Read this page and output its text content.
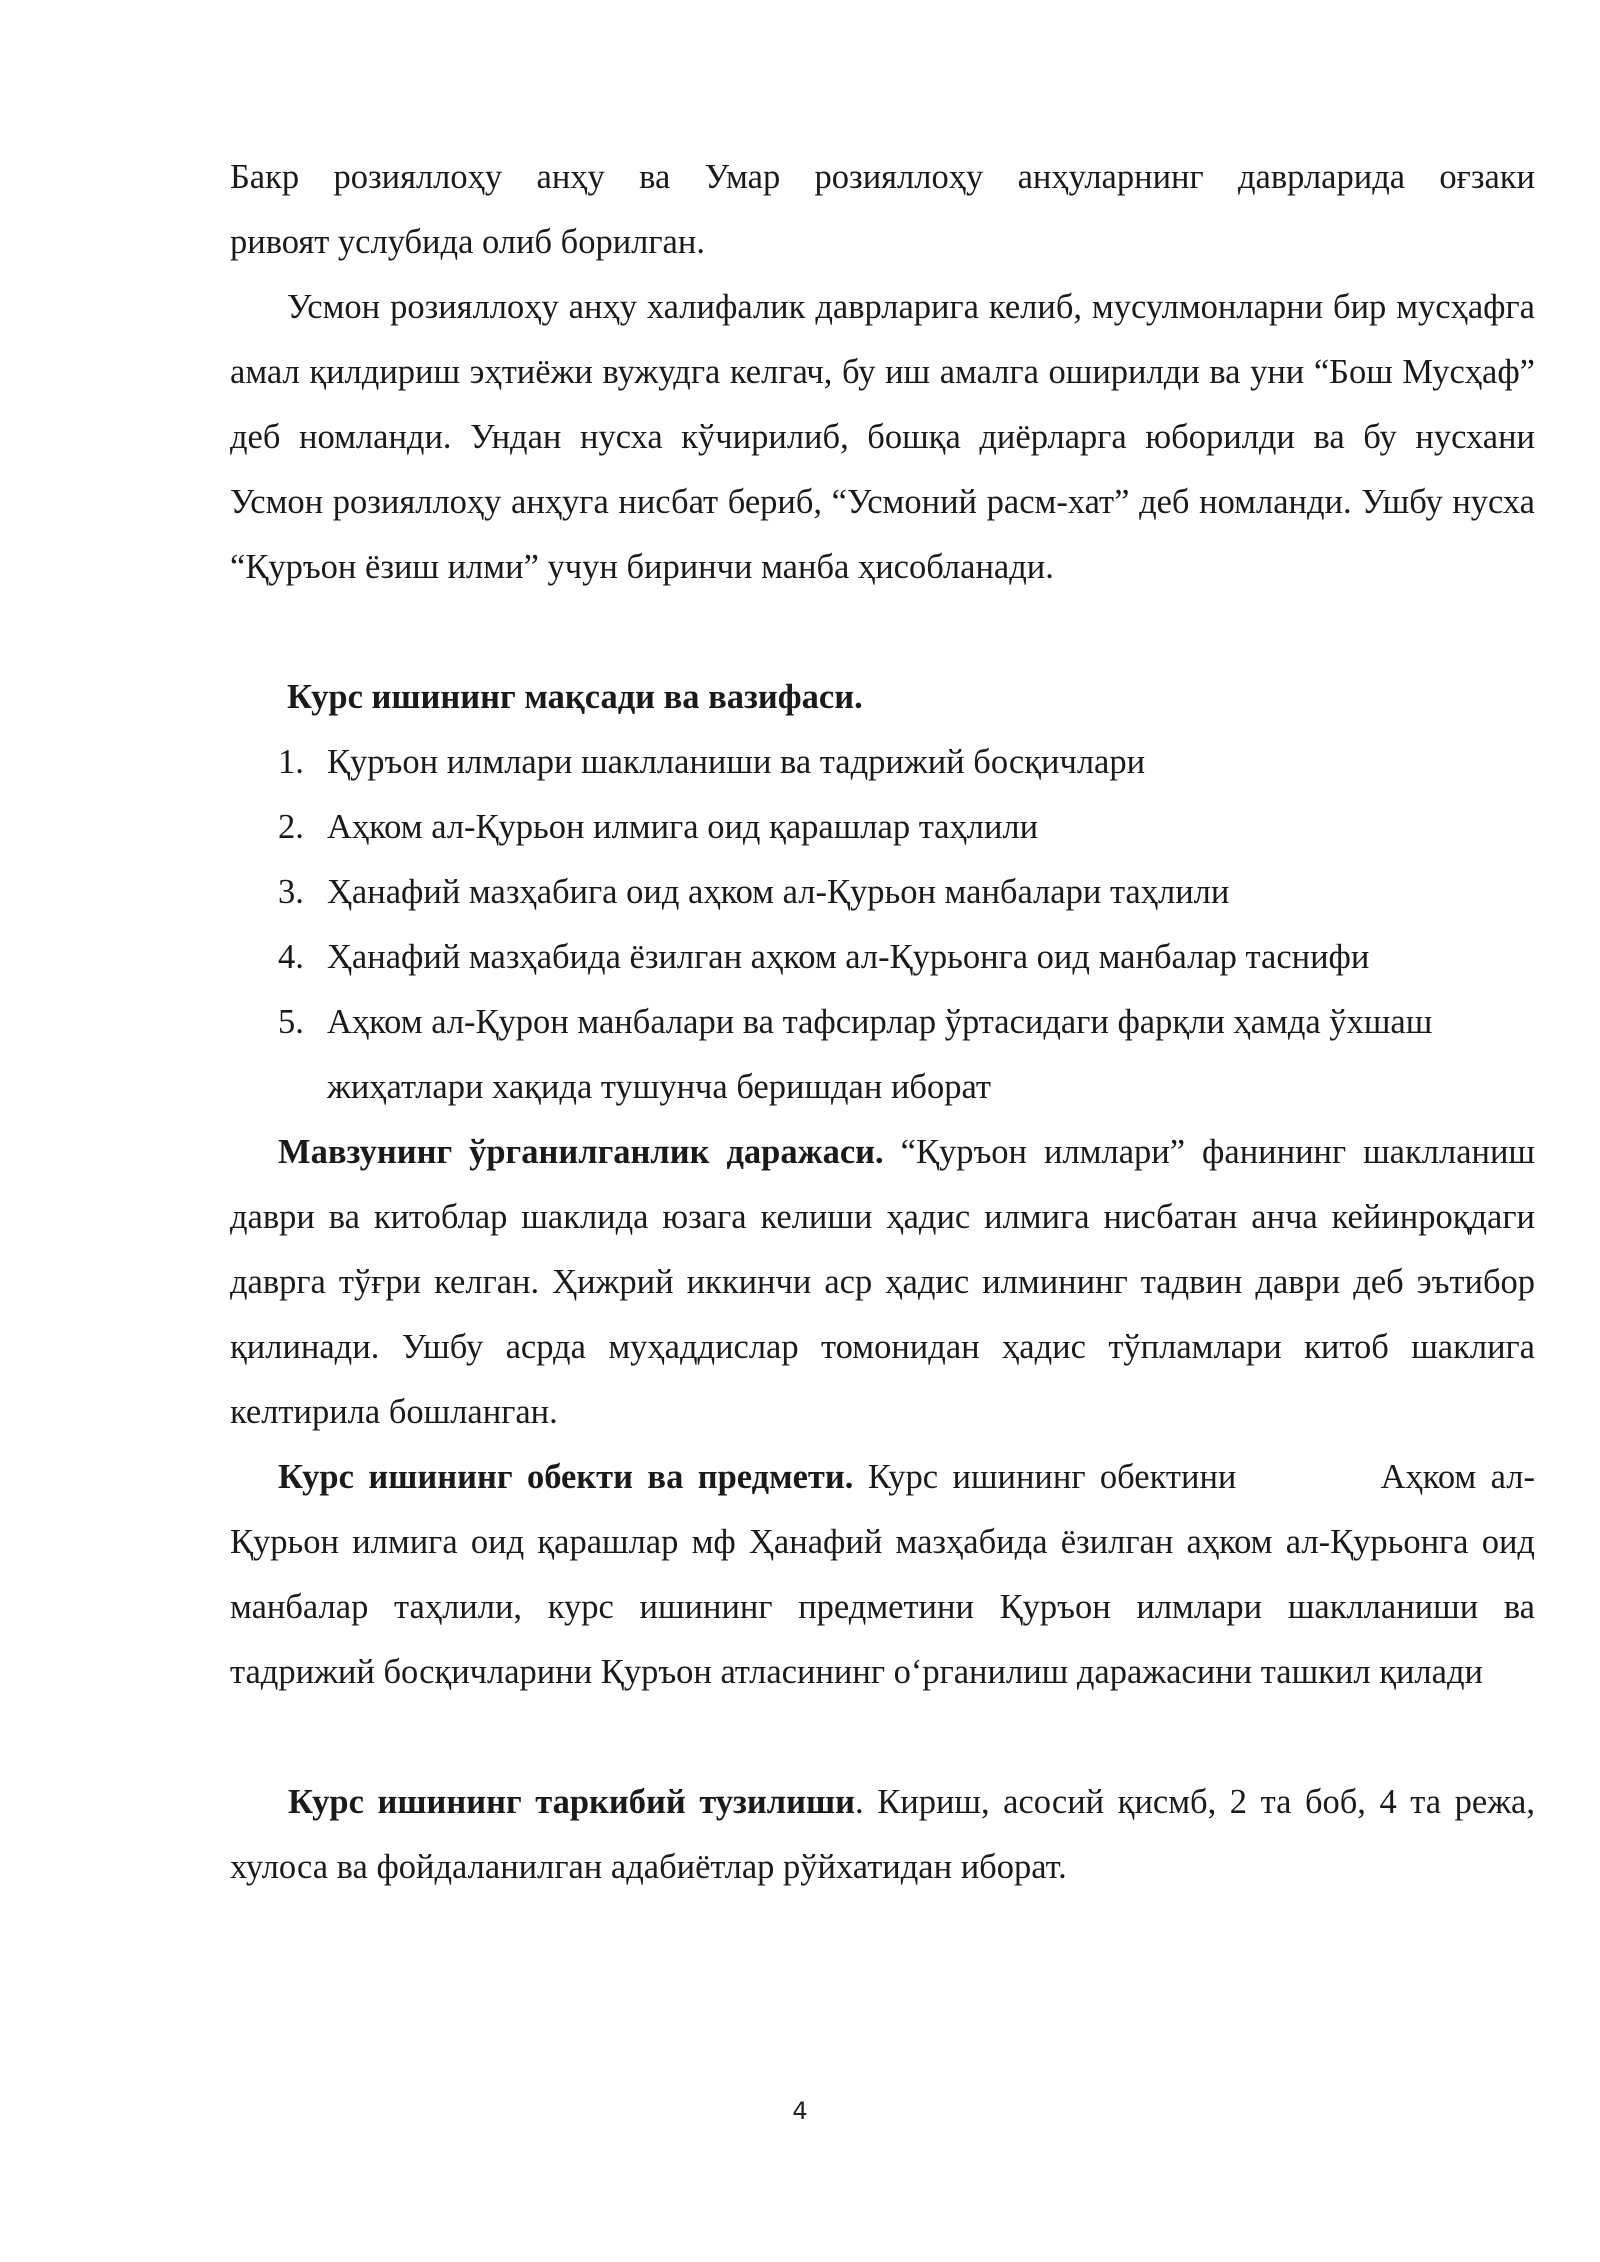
Бакр розияллоҳу анҳу ва Умар розияллоҳу анҳуларнинг даврларида оғзаки

ривоят услубида олиб борилган.

Усмон розияллоҳу анҳу халифалик даврларига келиб, мусулмонларни бир мусҳафга амал қилдириш эҳтиёжи вужудга келгач, бу иш амалга оширилди ва уни “Бош Мусҳаф” деб номланди. Ундан нусха кўчирилиб, бошқа диёрларга юборилди ва бу нусхани Усмон розияллоҳу анҳуга нисбат бериб, “Усмоний расм-хат” деб номланди. Ушбу нусха “Қуръон ёзиш илми” учун биринчи манба ҳисобланади.

Курс ишининг мақсади ва вазифаси.

1. Қуръон илмлари шаклланиши ва тадрижий босқичлари
2. Аҳком ал-Қурьон илмига оид қарашлар таҳлили
3. Ҳанафий мазҳабига оид аҳком ал-Қурьон манбалари таҳлили
4. Ҳанафий мазҳабида ёзилган аҳком ал-Қурьонга оид манбалар таснифи
5. Аҳком ал-Қурон манбалари ва тафсирлар ўртасидаги фарқли ҳамда ўхшаш жиҳатлари хақида тушунча беришдан иборат

Мавзунинг ўрганилганлик даражаси. “Қуръон илмлари” фанининг шаклланиш даври ва китоблар шаклида юзага келиши ҳадис илмига нисбатан анча кейинроқдаги даврга тўғри келган. Ҳижрий иккинчи аср ҳадис илмининг тадвин даври деб эътибор қилинади. Ушбу асрда муҳаддислар томонидан ҳадис тўпламлари китоб шаклига келтирила бошланган.

Курс ишининг обекти ва предмети. Курс ишининг обектини          Аҳком ал-Қурьон илмига оид қарашлар мф Ҳанафий мазҳабида ёзилган аҳком ал-Қурьонга оид манбалар таҳлили, курс ишининг предметини Қуръон илмлари шаклланиши ва тадрижий босқичларини Қуръон атласининг оʻрганилиш даражасини ташкил қилади

Курс ишининг таркибий тузилиши. Кириш, асосий қисмб, 2 та боб, 4 та режа, хулоса ва фойдаланилган адабиётлар рўйхатидан иборат.

4
